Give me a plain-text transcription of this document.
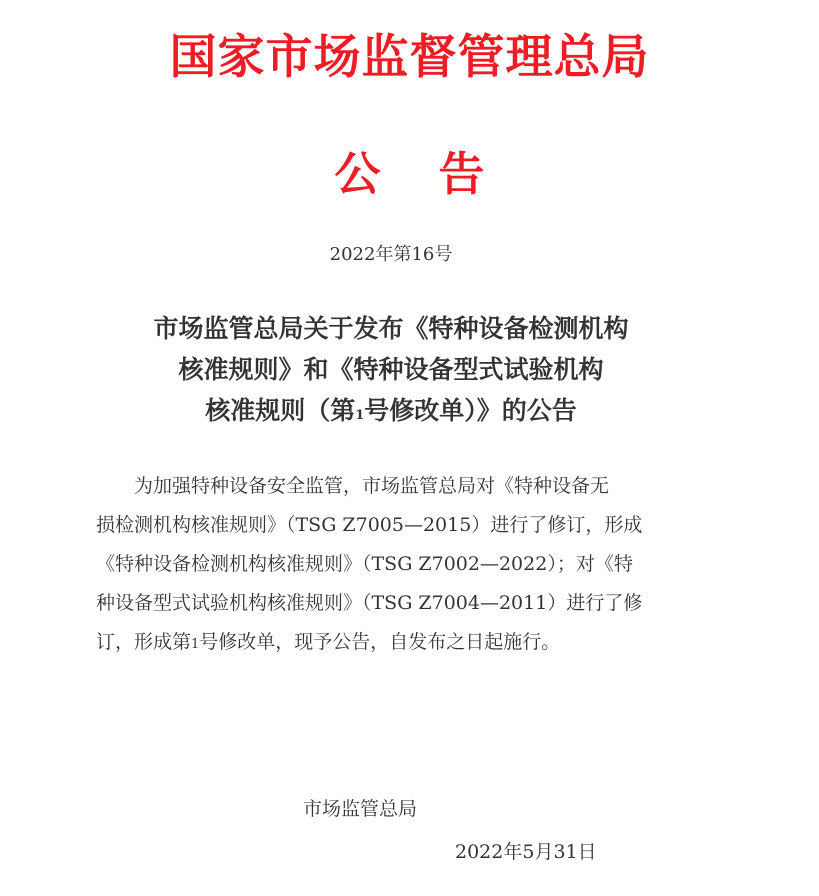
国家市场监督管理总局
公 告
2022年第16号
市场监管总局关于发布《特种设备检测机构
核准规则》和《特种设备型式试验机构
核准规则（第1号修改单）》的公告
为加强特种设备安全监管，市场监管总局对《特种设备无
损检测机构核准规则》（TSG Z7005—2015）进行了修订，形成
《特种设备检测机构核准规则》（TSG Z7002—2022）；对《特
种设备型式试验机构核准规则》（TSG Z7004—2011）进行了修
订，形成第1号修改单，现予公告，自发布之日起施行。
市场监管总局
2022年5月31日
